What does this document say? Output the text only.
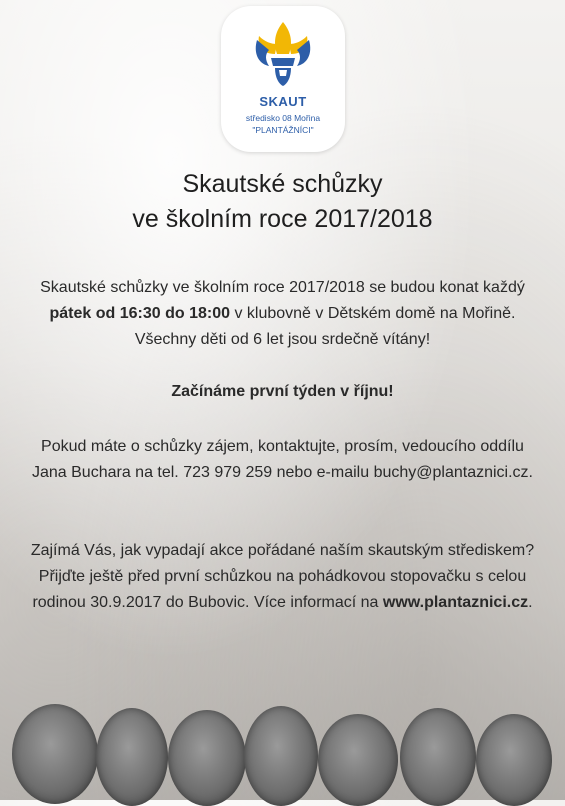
SKAUT
středisko 08 Mořina
"PLANTÁŽNÍCI"
Skautské schůzky
ve školním roce 2017/2018
Skautské schůzky ve školním roce 2017/2018 se budou konat každý pátek od 16:30 do 18:00 v klubovně v Dětském domě na Mořině. Všechny děti od 6 let jsou srdečně vítány!
Začínáme první týden v říjnu!
Pokud máte o schůzky zájem, kontaktujte, prosím, vedoucího oddílu Jana Buchara na tel. 723 979 259 nebo e-mailu buchy@plantaznici.cz.
Zajímá Vás, jak vypadají akce pořádané naším skautským střediskem? Přijďte ještě před první schůzkou na pohádkovou stopovačku s celou rodinou 30.9.2017 do Bubovic. Více informací na www.plantaznici.cz.
